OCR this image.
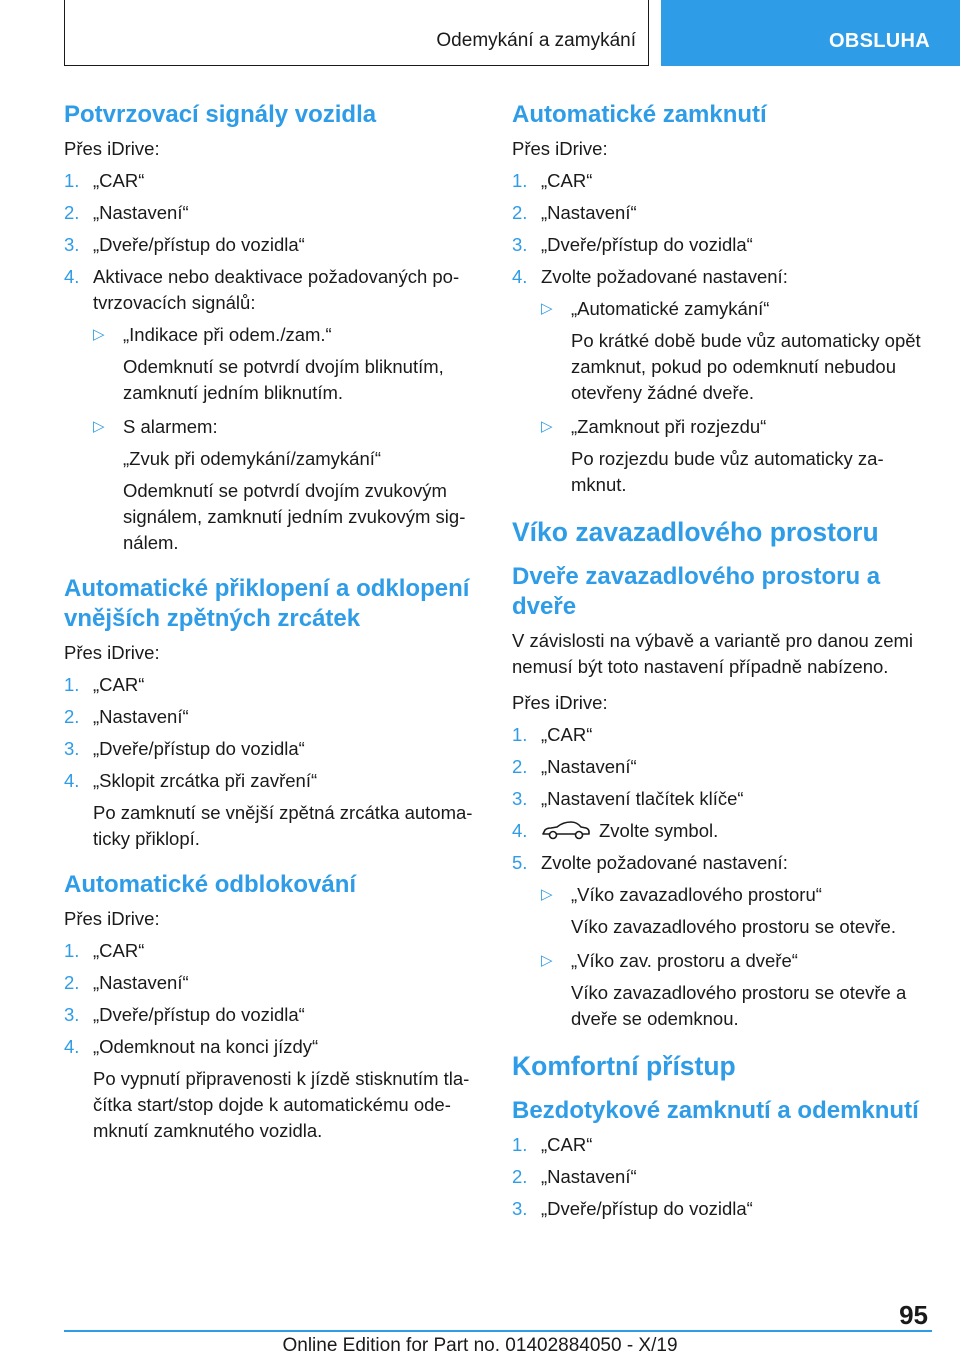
Odemykání a zamykání	OBSLUHA
Potvrzovací signály vozidla
Přes iDrive:
1. „CAR“
2. „Nastavení“
3. „Dveře/přístup do vozidla“
4. Aktivace nebo deaktivace požadovaných potvrzovacích signálů:
▷ „Indikace při odem./zam.“
Odemknutí se potvrdí dvojím bliknutím, zamknutí jedním bliknutím.
▷ S alarmem:
„Zvuk při odemykání/zamykání“
Odemknutí se potvrdí dvojím zvukovým signálem, zamknutí jedním zvukovým signálem.
Automatické přiklopení a odklopení vnějších zpětných zrcátek
Přes iDrive:
1. „CAR“
2. „Nastavení“
3. „Dveře/přístup do vozidla“
4. „Sklopit zrcátka při zavření“
Po zamknutí se vnější zpětná zrcátka automaticky přiklopí.
Automatické odblokování
Přes iDrive:
1. „CAR“
2. „Nastavení“
3. „Dveře/přístup do vozidla“
4. „Odemknout na konci jízdy“
Po vypnutí připravenosti k jízdě stisknutím tlačítka start/stop dojde k automatickému odemknutí zamknutého vozidla.
Automatické zamknutí
Přes iDrive:
1. „CAR“
2. „Nastavení“
3. „Dveře/přístup do vozidla“
4. Zvolte požadované nastavení:
▷ „Automatické zamykání“
Po krátké době bude vůz automaticky opět zamknut, pokud po odemknutí nebudou otevřeny žádné dveře.
▷ „Zamknout při rozjezdu“
Po rozjezdu bude vůz automaticky zamknut.
Víko zavazadlového prostoru
Dveře zavazadlového prostoru a dveře

V závislosti na výbavě a variantě pro danou zemi nemusí být toto nastavení případně nabízeno.

Přes iDrive:
1. „CAR“
2. „Nastavení“
3. „Nastavení tlačítek klíče“
4.	Zvolte symbol.
5. Zvolte požadované nastavení:
▷ „Víko zavazadlového prostoru“
Víko zavazadlového prostoru se otevře.
▷ „Víko zav. prostoru a dveře“
Víko zavazadlového prostoru se otevře a dveře se odemknou.
Komfortní přístup
Bezdotykové zamknutí a odemknutí
1. „CAR“
2. „Nastavení“
3. „Dveře/přístup do vozidla“
95
Online Edition for Part no. 01402884050 - X/19
